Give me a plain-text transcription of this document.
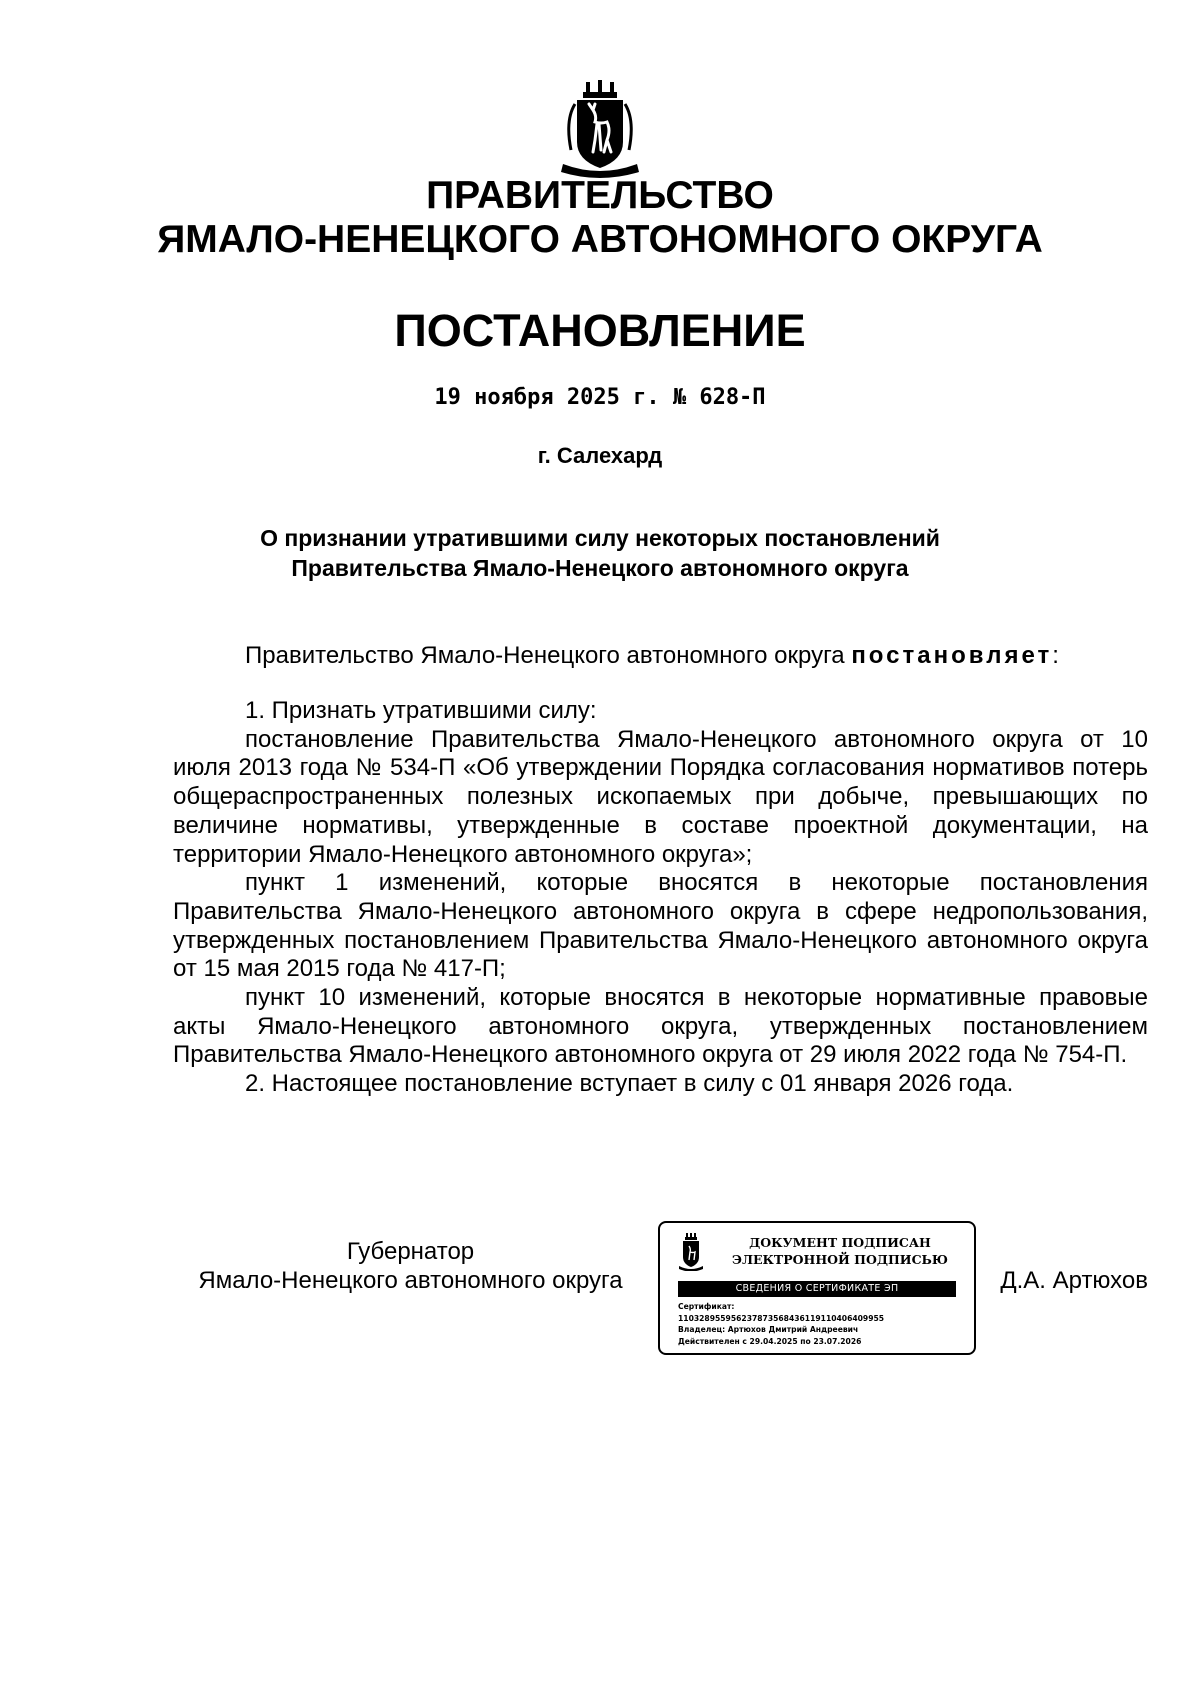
ПРАВИТЕЛЬСТВО
ЯМАЛО-НЕНЕЦКОГО АВТОНОМНОГО ОКРУГА
ПОСТАНОВЛЕНИЕ
19 ноября 2025 г. № 628-П
г. Салехард
О признании утратившими силу некоторых постановлений
Правительства Ямало-Ненецкого автономного округа
Правительство Ямало-Ненецкого автономного округа постановляет:

1. Признать утратившими силу:

постановление Правительства Ямало-Ненецкого автономного округа от 10 июля 2013 года № 534-П «Об утверждении Порядка согласования нормативов потерь общераспространенных полезных ископаемых при добыче, превышающих по величине нормативы, утвержденные в составе проектной документации, на территории Ямало-Ненецкого автономного округа»;

пункт 1 изменений, которые вносятся в некоторые постановления Правительства Ямало-Ненецкого автономного округа в сфере недропользования, утвержденных постановлением Правительства Ямало-Ненецкого автономного округа от 15 мая 2015 года № 417-П;

пункт 10 изменений, которые вносятся в некоторые нормативные правовые акты Ямало-Ненецкого автономного округа, утвержденных постановлением Правительства Ямало-Ненецкого автономного округа от 29 июля 2022 года № 754-П.

2. Настоящее постановление вступает в силу с 01 января 2026 года.

Губернатор
Ямало-Ненецкого автономного округа
ДОКУМЕНТ ПОДПИСАН
ЭЛЕКТРОННОЙ ПОДПИСЬЮ
СВЕДЕНИЯ О СЕРТИФИКАТЕ ЭП
Сертификат:
110328955956237873568436119110406409955
Владелец: Артюхов Дмитрий Андреевич
Действителен с 29.04.2025 по 23.07.2026
Д.А. Артюхов
